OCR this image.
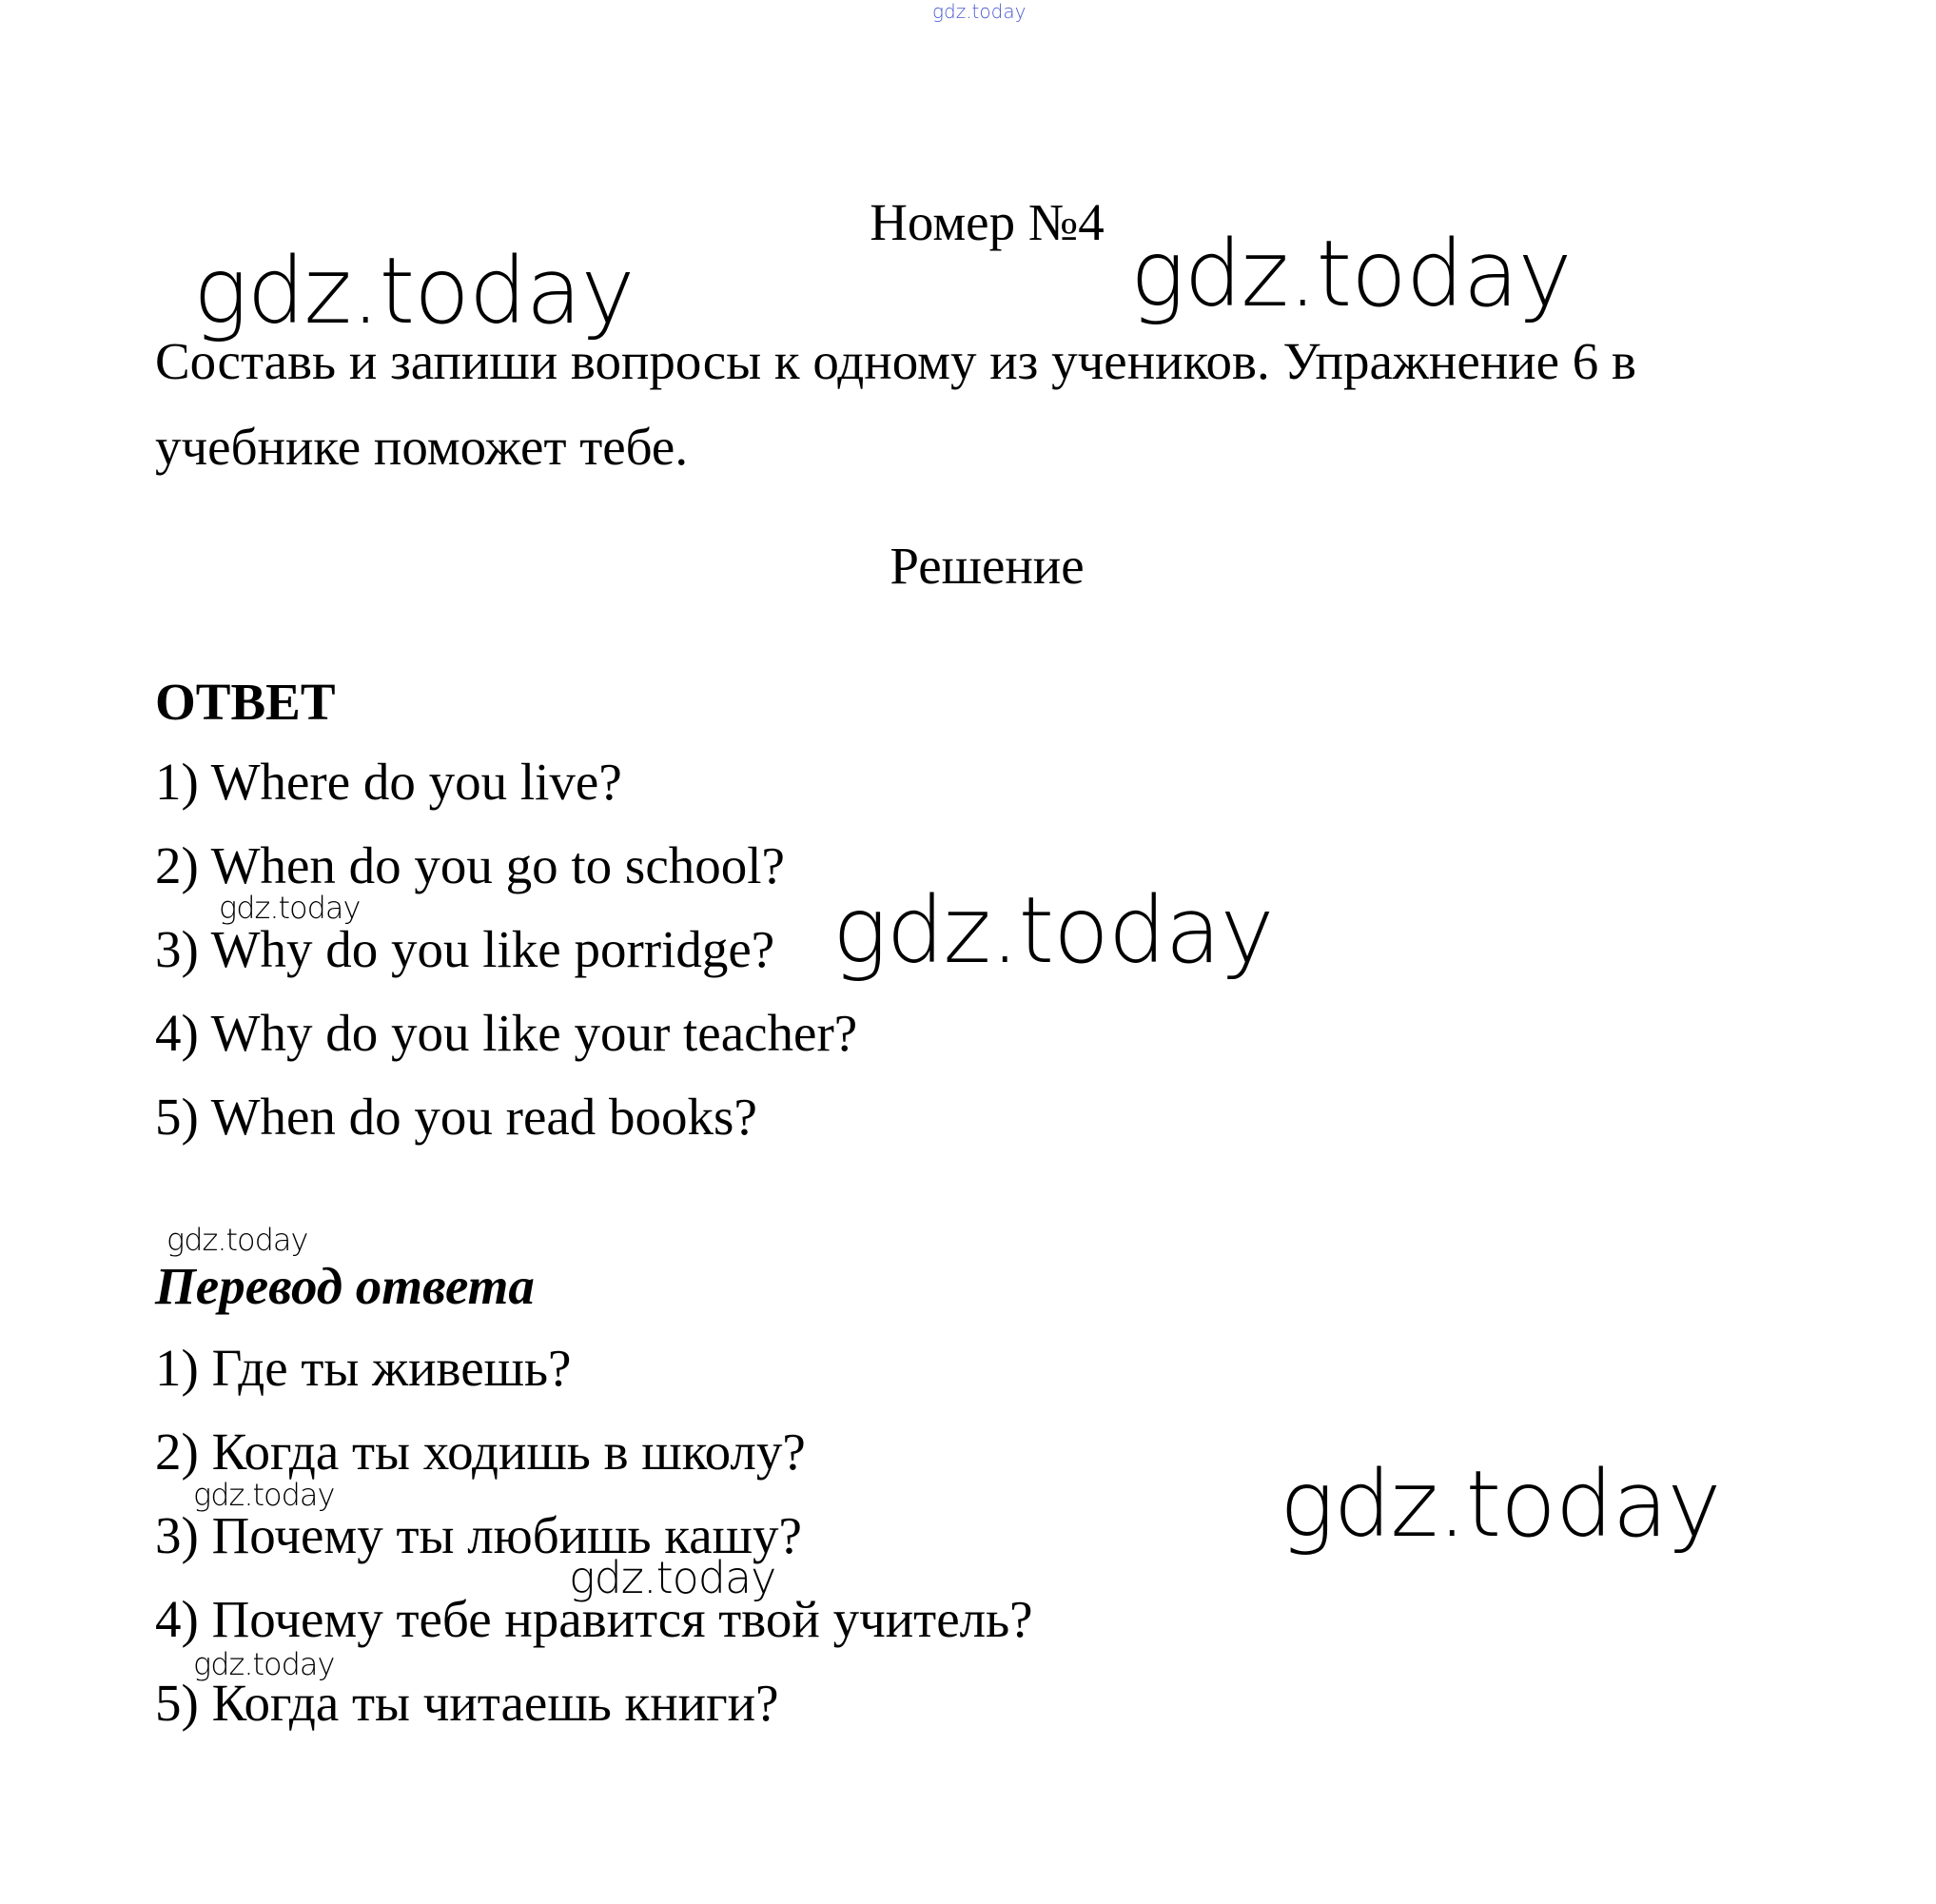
Номер №4
Составь и запиши вопросы к одному из учеников. Упражнение 6 в учебнике поможет тебе.
Решение
ОТВЕТ
1) Where do you live?
2) When do you go to school?
3) Why do you like porridge?
4) Why do you like your teacher?
5) When do you read books?
Перевод ответа
1) Где ты живешь?
2) Когда ты ходишь в школу?
3) Почему ты любишь кашу?
4) Почему тебе нравится твой учитель?
5) Когда ты читаешь книги?
gdz.today
gdz.today	gdz.today
gdz.today	gdz.today
gdz.today
gdz.today	gdz.today
gdz.today
gdz.today
